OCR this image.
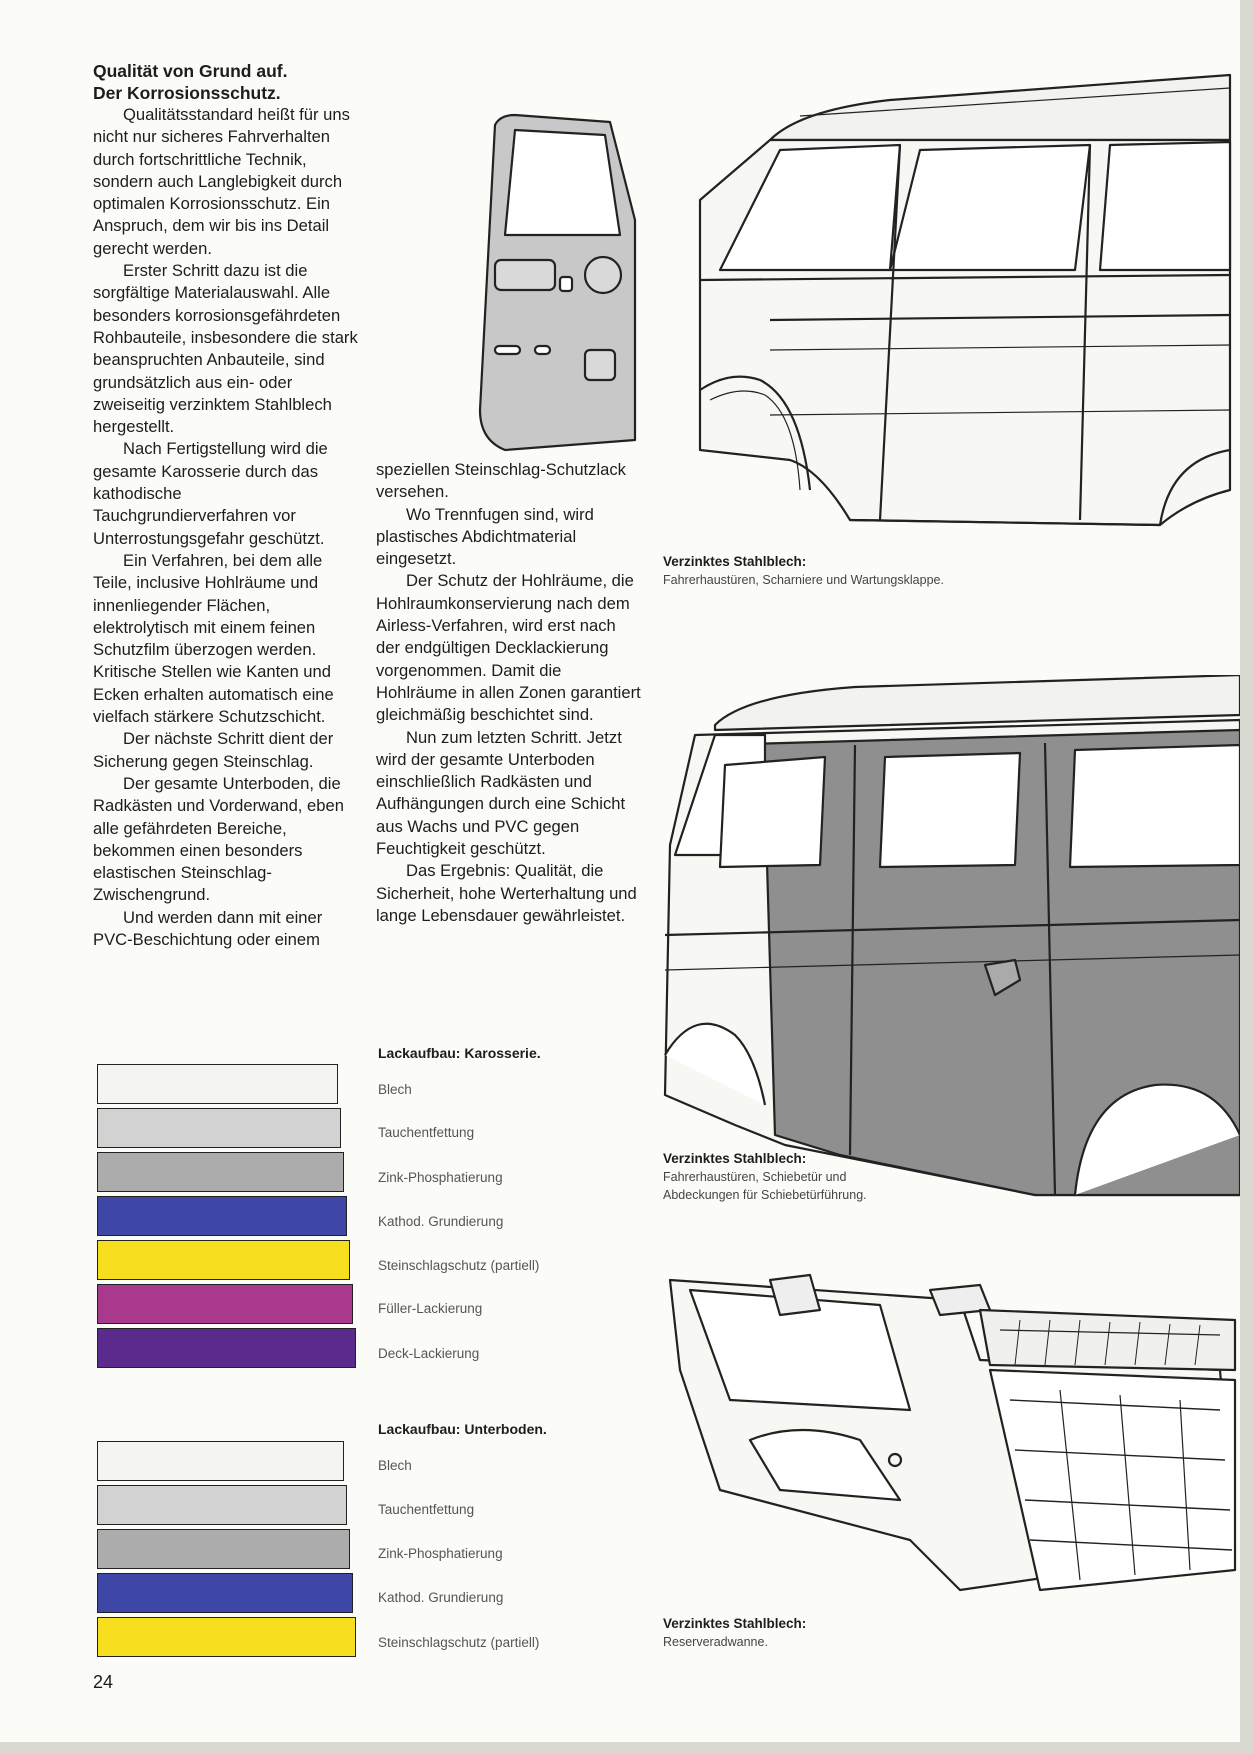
Qualität von Grund auf.
Der Korrosionsschutz.

Qualitätsstandard heißt für uns nicht nur sicheres Fahrverhalten durch fortschrittliche Technik, sondern auch Langlebigkeit durch optimalen Korrosionsschutz. Ein Anspruch, dem wir bis ins Detail gerecht werden.

Erster Schritt dazu ist die sorgfältige Materialauswahl. Alle besonders korrosionsgefährdeten Rohbauteile, insbesondere die stark beanspruchten Anbauteile, sind grundsätzlich aus ein- oder zweiseitig verzinktem Stahlblech hergestellt.

Nach Fertigstellung wird die gesamte Karosserie durch das kathodische Tauchgrundierverfahren vor Unterrostungsgefahr geschützt.

Ein Verfahren, bei dem alle Teile, inclusive Hohlräume und innenliegender Flächen, elektrolytisch mit einem feinen Schutzfilm überzogen werden. Kritische Stellen wie Kanten und Ecken erhalten automatisch eine vielfach stärkere Schutzschicht.

Der nächste Schritt dient der Sicherung gegen Steinschlag.

Der gesamte Unterboden, die Radkästen und Vorderwand, eben alle gefährdeten Bereiche, bekommen einen besonders elastischen Steinschlag-Zwischengrund.

Und werden dann mit einer PVC-Beschichtung oder einem

speziellen Steinschlag-Schutzlack versehen.

Wo Trennfugen sind, wird plastisches Abdichtmaterial eingesetzt.

Der Schutz der Hohlräume, die Hohlraumkonservierung nach dem Airless-Verfahren, wird erst nach der endgültigen Decklackierung vorgenommen. Damit die Hohlräume in allen Zonen garantiert gleichmäßig beschichtet sind.

Nun zum letzten Schritt. Jetzt wird der gesamte Unterboden einschließlich Radkästen und Aufhängungen durch eine Schicht aus Wachs und PVC gegen Feuchtigkeit geschützt.

Das Ergebnis: Qualität, die Sicherheit, hohe Werterhaltung und lange Lebensdauer gewährleistet.

Verzinktes Stahlblech:
Fahrerhaustüren, Scharniere und Wartungsklappe.
Verzinktes Stahlblech:
Fahrerhaustüren, Schiebetür und
Abdeckungen für Schiebetürführung.
Verzinktes Stahlblech:
Reserveradwanne.
Lackaufbau: Karosserie.
Blech
Tauchentfettung
Zink-Phosphatierung
Kathod. Grundierung
Steinschlagschutz (partiell)
Füller-Lackierung
Deck-Lackierung
Lackaufbau: Unterboden.
Blech
Tauchentfettung
Zink-Phosphatierung
Kathod. Grundierung
Steinschlagschutz (partiell)
24
